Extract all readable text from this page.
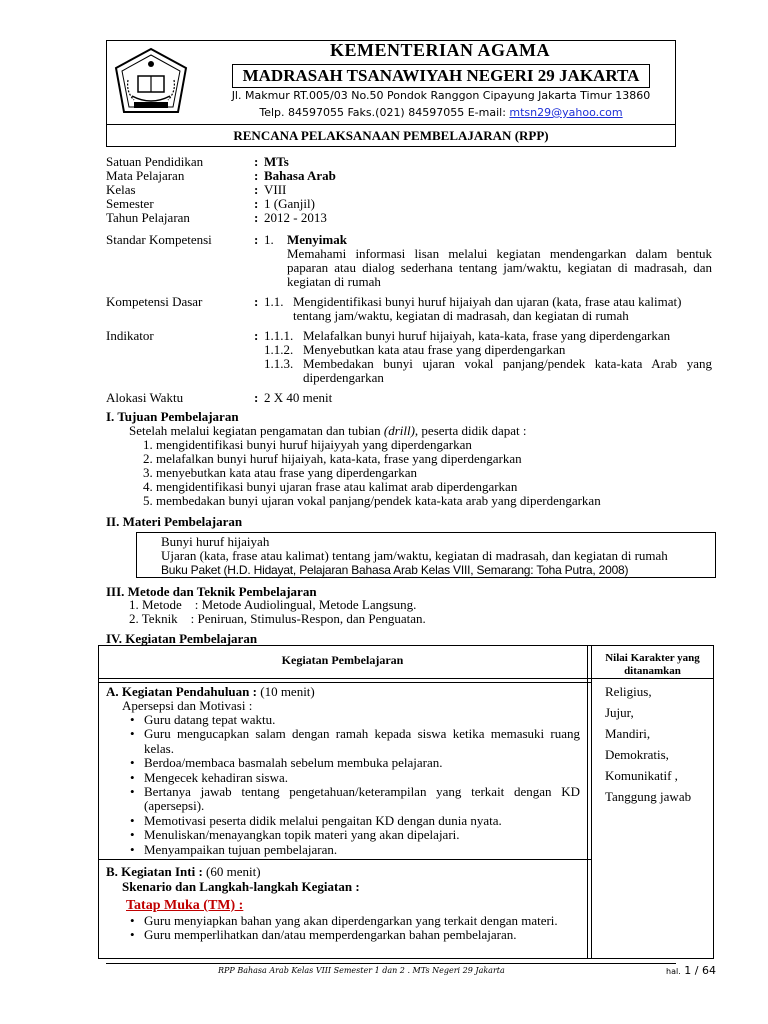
KEMENTERIAN AGAMA
MADRASAH TSANAWIYAH NEGERI 29 JAKARTA
Jl. Makmur RT.005/03 No.50 Pondok Ranggon Cipayung Jakarta Timur 13860
Telp. 84597055 Faks.(021) 84597055 E-mail: mtsn29@yahoo.com
RENCANA PELAKSANAAN PEMBELAJARAN (RPP)
Satuan Pendidikan	: MTs
Mata Pelajaran	: Bahasa Arab
Kelas	: VIII
Semester	: 1 (Ganjil)
Tahun Pelajaran	: 2012 - 2013
Standar Kompetensi	: 1. Menyimak
Memahami informasi lisan melalui kegiatan mendengarkan dalam bentuk paparan atau dialog sederhana tentang jam/waktu, kegiatan di madrasah, dan kegiatan di rumah
Kompetensi Dasar	: 1.1. Mengidentifikasi bunyi huruf hijaiyah dan ujaran (kata, frase atau kalimat)
tentang jam/waktu, kegiatan di madrasah, dan kegiatan di rumah
Indikator	: 1.1.1. Melafalkan bunyi huruf hijaiyah, kata-kata, frase yang diperdengarkan
1.1.2. Menyebutkan kata atau frase yang diperdengarkan
1.1.3. Membedakan bunyi ujaran vokal panjang/pendek kata-kata Arab yang
diperdengarkan
Alokasi Waktu	: 2 X 40 menit
I. Tujuan Pembelajaran
Setelah melalui kegiatan pengamatan dan tubian (drill), peserta didik dapat :
1. mengidentifikasi bunyi huruf hijaiyyah yang diperdengarkan
2. melafalkan bunyi huruf hijaiyah, kata-kata, frase yang diperdengarkan
3. menyebutkan kata atau frase yang diperdengarkan
4. mengidentifikasi bunyi ujaran frase atau kalimat arab diperdengarkan
5. membedakan bunyi ujaran vokal panjang/pendek kata-kata arab yang diperdengarkan
II. Materi Pembelajaran
Bunyi huruf hijaiyah
Ujaran (kata, frase atau kalimat) tentang jam/waktu, kegiatan di madrasah, dan kegiatan di rumah
Buku Paket (H.D. Hidayat, Pelajaran Bahasa Arab Kelas VIII, Semarang: Toha Putra, 2008)
III. Metode dan Teknik Pembelajaran
1. Metode    : Metode Audiolingual, Metode Langsung.
2. Teknik    : Peniruan, Stimulus-Respon, dan Penguatan.
IV. Kegiatan Pembelajaran
Kegiatan Pembelajaran	Nilai Karakter yang ditanamkan
A. Kegiatan Pendahuluan : (10 menit)
Apersepsi dan Motivasi :
• Guru datang tepat waktu.
• Guru mengucapkan salam dengan ramah kepada siswa ketika memasuki ruang kelas.
• Berdoa/membaca basmalah sebelum membuka pelajaran.
• Mengecek kehadiran siswa.
• Bertanya jawab tentang pengetahuan/keterampilan yang terkait dengan KD (apersepsi).
• Memotivasi peserta didik melalui pengaitan KD dengan dunia nyata.
• Menuliskan/menayangkan topik materi yang akan dipelajari.
• Menyampaikan tujuan pembelajaran.
Religius,
Jujur,
Mandiri,
Demokratis,
Komunikatif ,
Tanggung jawab
B. Kegiatan Inti : (60 menit)
Skenario dan Langkah-langkah Kegiatan :
Tatap Muka (TM) :
• Guru menyiapkan bahan yang akan diperdengarkan yang terkait dengan materi.
• Guru memperlihatkan dan/atau memperdengarkan bahan pembelajaran.
RPP Bahasa Arab Kelas VIII Semester 1 dan 2 . MTs Negeri 29 Jakarta	hal. 1 / 64
